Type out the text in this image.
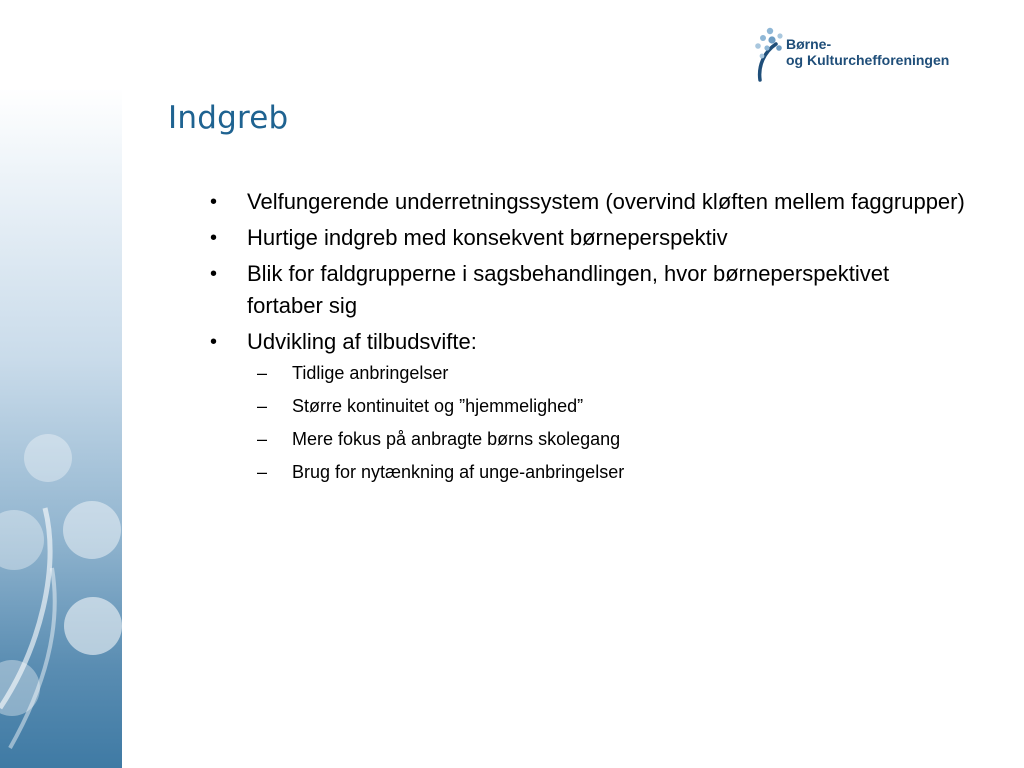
Børne-
og Kulturchefforeningen
Indgreb
• Velfungerende underretningssystem (overvind kløften mellem faggrupper)
• Hurtige indgreb med konsekvent børneperspektiv
• Blik for faldgrupperne i sagsbehandlingen, hvor børneperspektivet fortaber sig
• Udvikling af tilbudsvifte:
– Tidlige anbringelser
– Større kontinuitet og ”hjemmelighed”
– Mere fokus på anbragte børns skolegang
– Brug for nytænkning af unge-anbringelser
